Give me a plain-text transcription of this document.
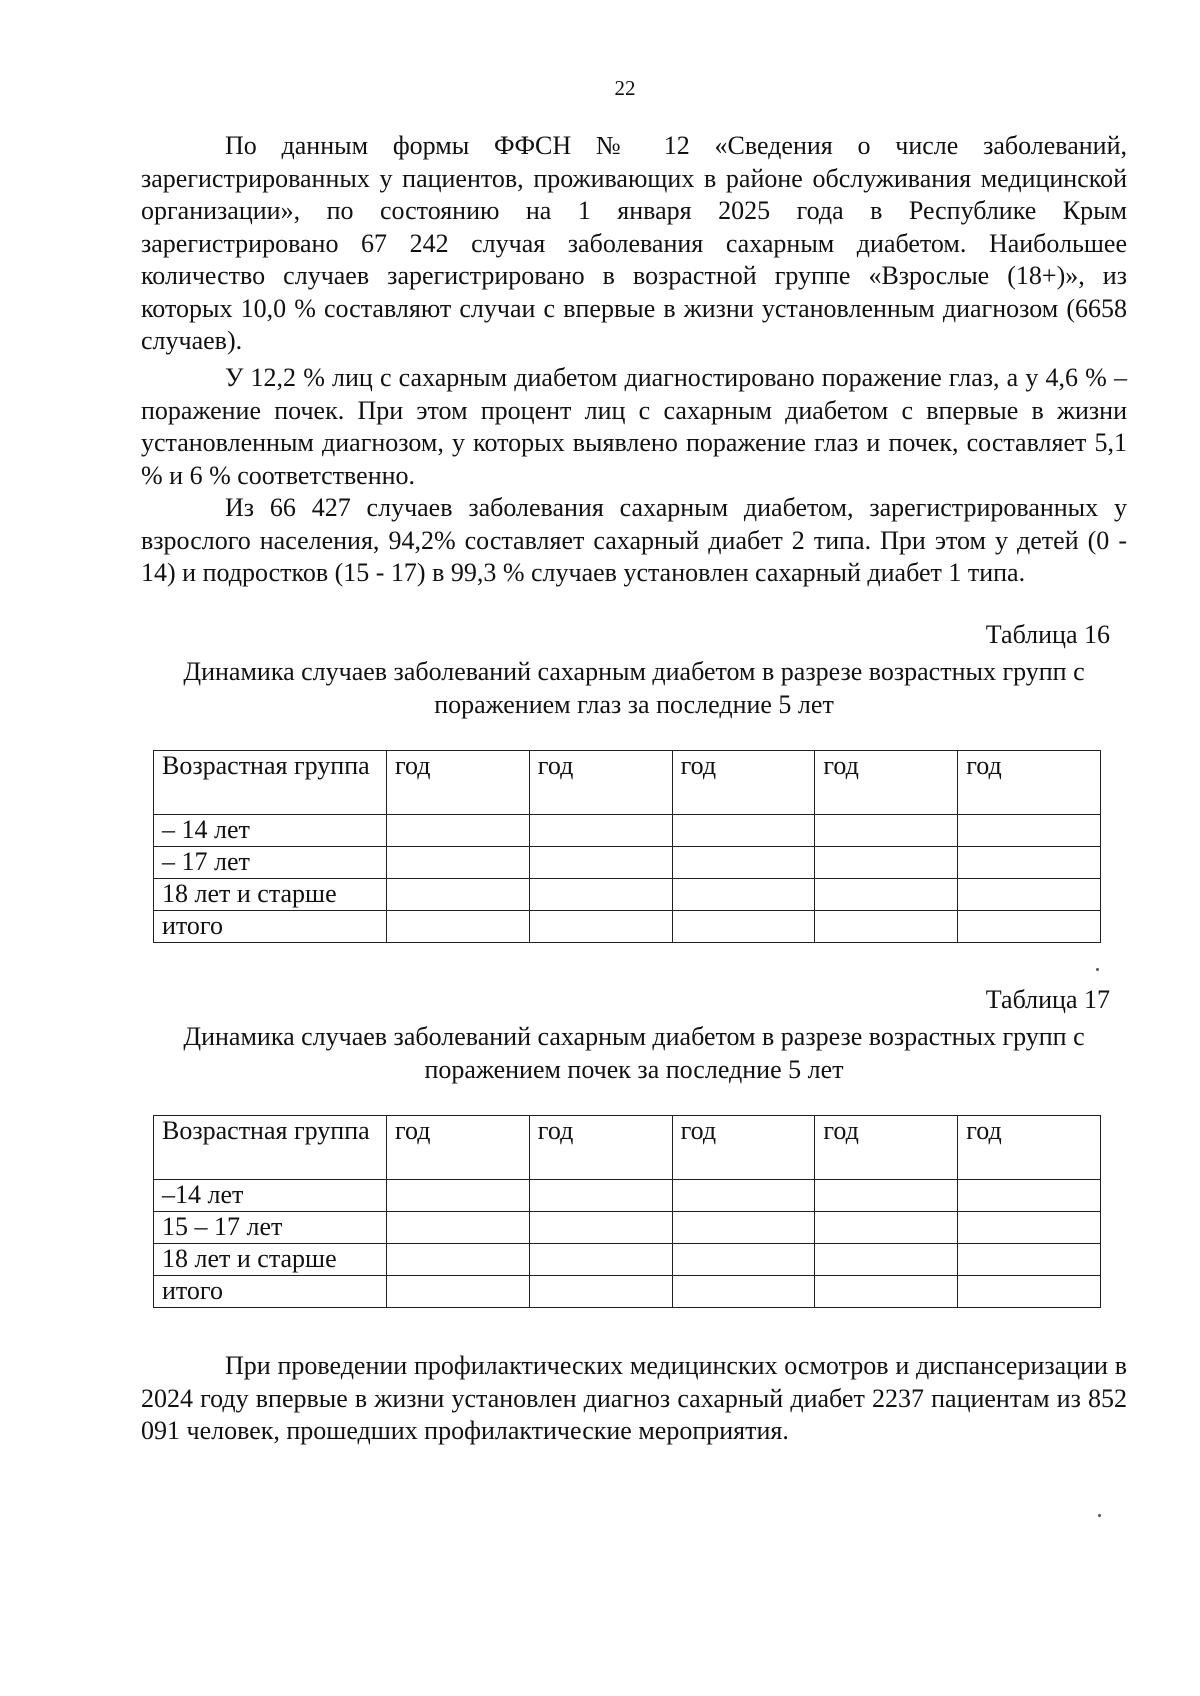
22

По данным формы ФФСН № 12 «Сведения о числе заболеваний, зарегистрированных у пациентов, проживающих в районе обслуживания медицинской организации», по состоянию на 1 января 2025 года в Республике Крым зарегистрировано 67 242 случая заболевания сахарным диабетом. Наибольшее количество случаев зарегистрировано в возрастной группе «Взрослые (18+)», из которых 10,0 % составляют случаи с впервые в жизни установленным диагнозом (6658 случаев).

У 12,2 % лиц с сахарным диабетом диагностировано поражение глаз, а у 4,6 % – поражение почек. При этом процент лиц с сахарным диабетом с впервые в жизни установленным диагнозом, у которых выявлено поражение глаз и почек, составляет 5,1 % и 6 % соответственно.

Из 66 427 случаев заболевания сахарным диабетом, зарегистрированных у взрослого населения, 94,2% составляет сахарный диабет 2 типа. При этом у детей (0 - 14) и подростков (15 - 17) в 99,3 % случаев установлен сахарный диабет 1 типа.

Таблица 16
Динамика случаев заболеваний сахарным диабетом в разрезе возрастных групп с поражением глаз за последние 5 лет
Возрастная группа	год	год	год	год	год
– 14 лет					
– 17 лет					
18 лет и старше					
итого					
Таблица 17
Динамика случаев заболеваний сахарным диабетом в разрезе возрастных групп с поражением почек за последние 5 лет
Возрастная группа	год	год	год	год	год
–14 лет					
15 – 17 лет					
18 лет и старше					
итого					

При проведении профилактических медицинских осмотров и диспансеризации в 2024 году впервые в жизни установлен диагноз сахарный диабет 2237 пациентам из 852 091 человек, прошедших профилактические мероприятия.
